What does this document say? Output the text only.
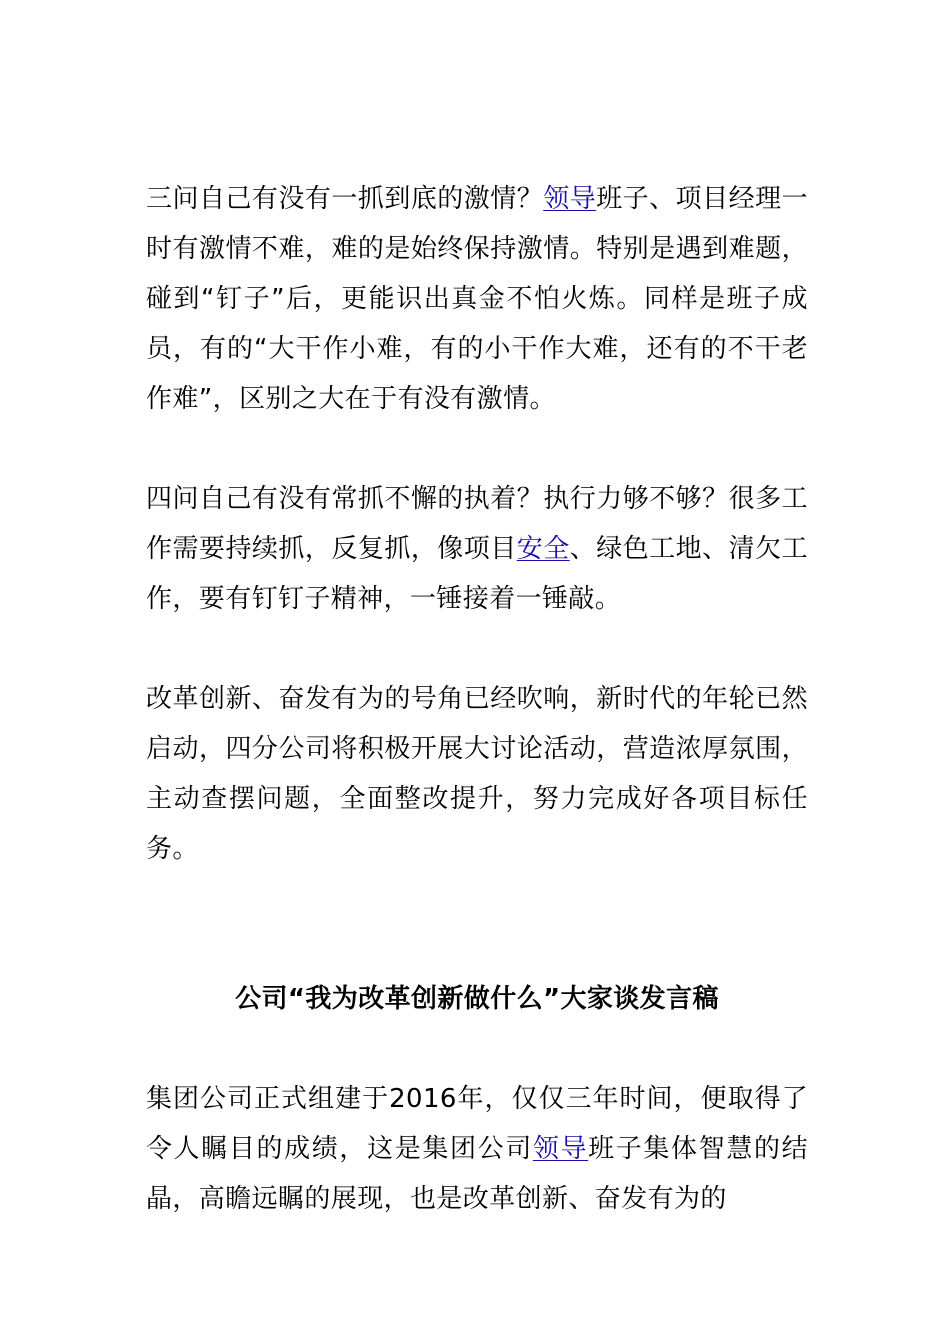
三问自己有没有一抓到底的激情？领导班子、项目经理一时有激情不难，难的是始终保持激情。特别是遇到难题，碰到“钉子”后，更能识出真金不怕火炼。同样是班子成员，有的“大干作小难，有的小干作大难，还有的不干老作难”，区别之大在于有没有激情。

四问自己有没有常抓不懈的执着？执行力够不够？很多工作需要持续抓，反复抓，像项目安全、绿色工地、清欠工作，要有钉钉子精神，一锤接着一锤敲。

改革创新、奋发有为的号角已经吹响，新时代的年轮已然启动，四分公司将积极开展大讨论活动，营造浓厚氛围，主动查摆问题，全面整改提升，努力完成好各项目标任务。

公司“我为改革创新做什么”大家谈发言稿

集团公司正式组建于2016年，仅仅三年时间，便取得了令人瞩目的成绩，这是集团公司领导班子集体智慧的结晶，高瞻远瞩的展现，也是改革创新、奋发有为的
